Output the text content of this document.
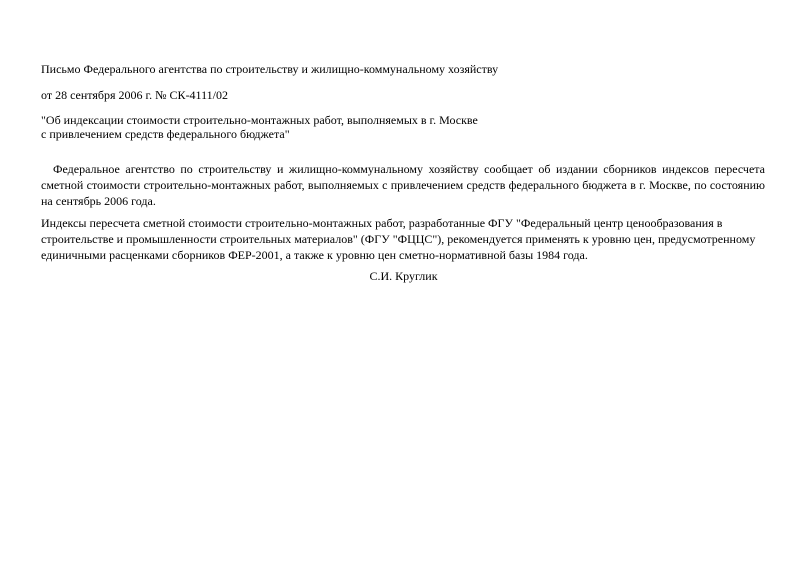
Письмо Федерального агентства по строительству и жилищно-коммунальному хозяйству
от 28 сентября 2006 г. № СК-4111/02
"Об индексации стоимости строительно-монтажных работ, выполняемых в г. Москве
с привлечением средств федерального бюджета"
Федеральное агентство по строительству и жилищно-коммунальному хозяйству сообщает об издании сборников индексов пересчета сметной стоимости строительно-монтажных работ, выполняемых с привлечением средств федерального бюджета в г. Москве, по состоянию на сентябрь 2006 года.
Индексы пересчета сметной стоимости строительно-монтажных работ, разработанные ФГУ "Федеральный центр ценообразования в строительстве и промышленности строительных материалов" (ФГУ "ФЦЦС"), рекомендуется применять к уровню цен, предусмотренному единичными расценками сборников ФЕР-2001, а также к уровню цен сметно-нормативной базы 1984 года.
С.И. Круглик
